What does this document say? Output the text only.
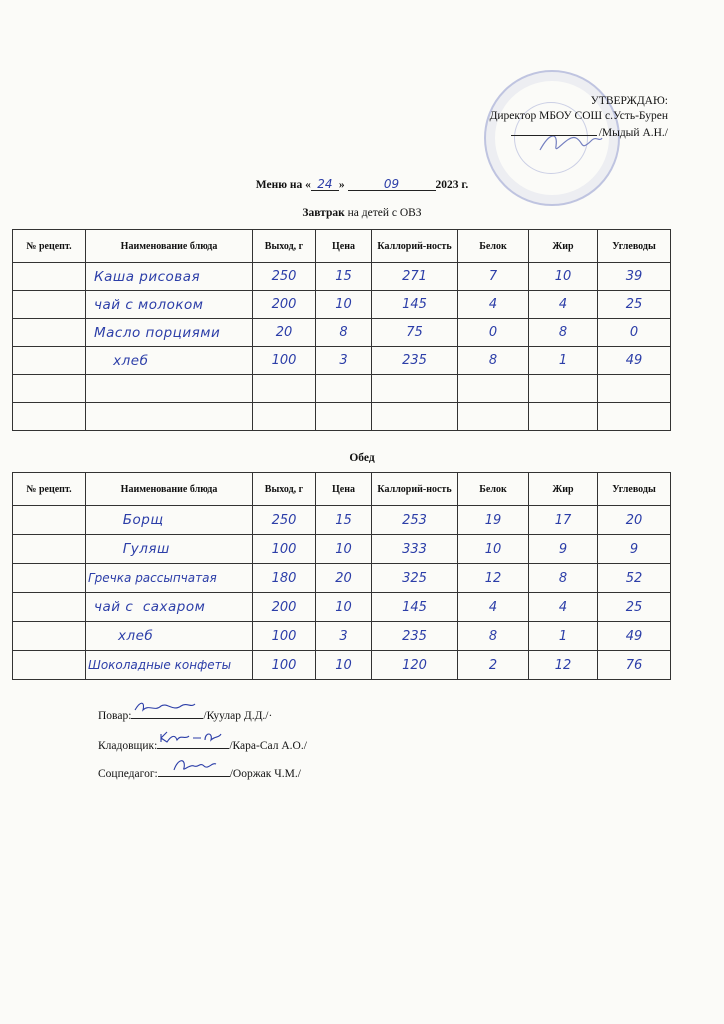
УТВЕРЖДАЮ:
Директор МБОУ СОШ с.Усть-Бурен
/Мыдый А.Н./
Меню на « 24 »	09	2023 г.
Завтрак на детей с ОВЗ
№ рецепт.	Наименование блюда	Выход, г	Цена	Каллорий-ность	Белок	Жир	Углеводы
	Каша рисовая	250	15	271	7	10	39
	чай с молоком	200	10	145	4	4	25
	Масло порциями	20	8	75	0	8	0
	хлеб	100	3	235	8	1	49

Обед
№ рецепт.	Наименование блюда	Выход, г	Цена	Каллорий-ность	Белок	Жир	Углеводы
	Борщ	250	15	253	19	17	20
	Гуляш	100	10	333	10	9	9
	Гречка рассыпчатая	180	20	325	12	8	52
	чай с  сахаром	200	10	145	4	4	25
	хлеб	100	3	235	8	1	49
	Шоколадные конфеты	100	10	120	2	12	76
Повар:	/Куулар Д.Д./·
Кладовщик:	/Кара-Сал А.О./
Соцпедагог:	/Ооржак Ч.М./
